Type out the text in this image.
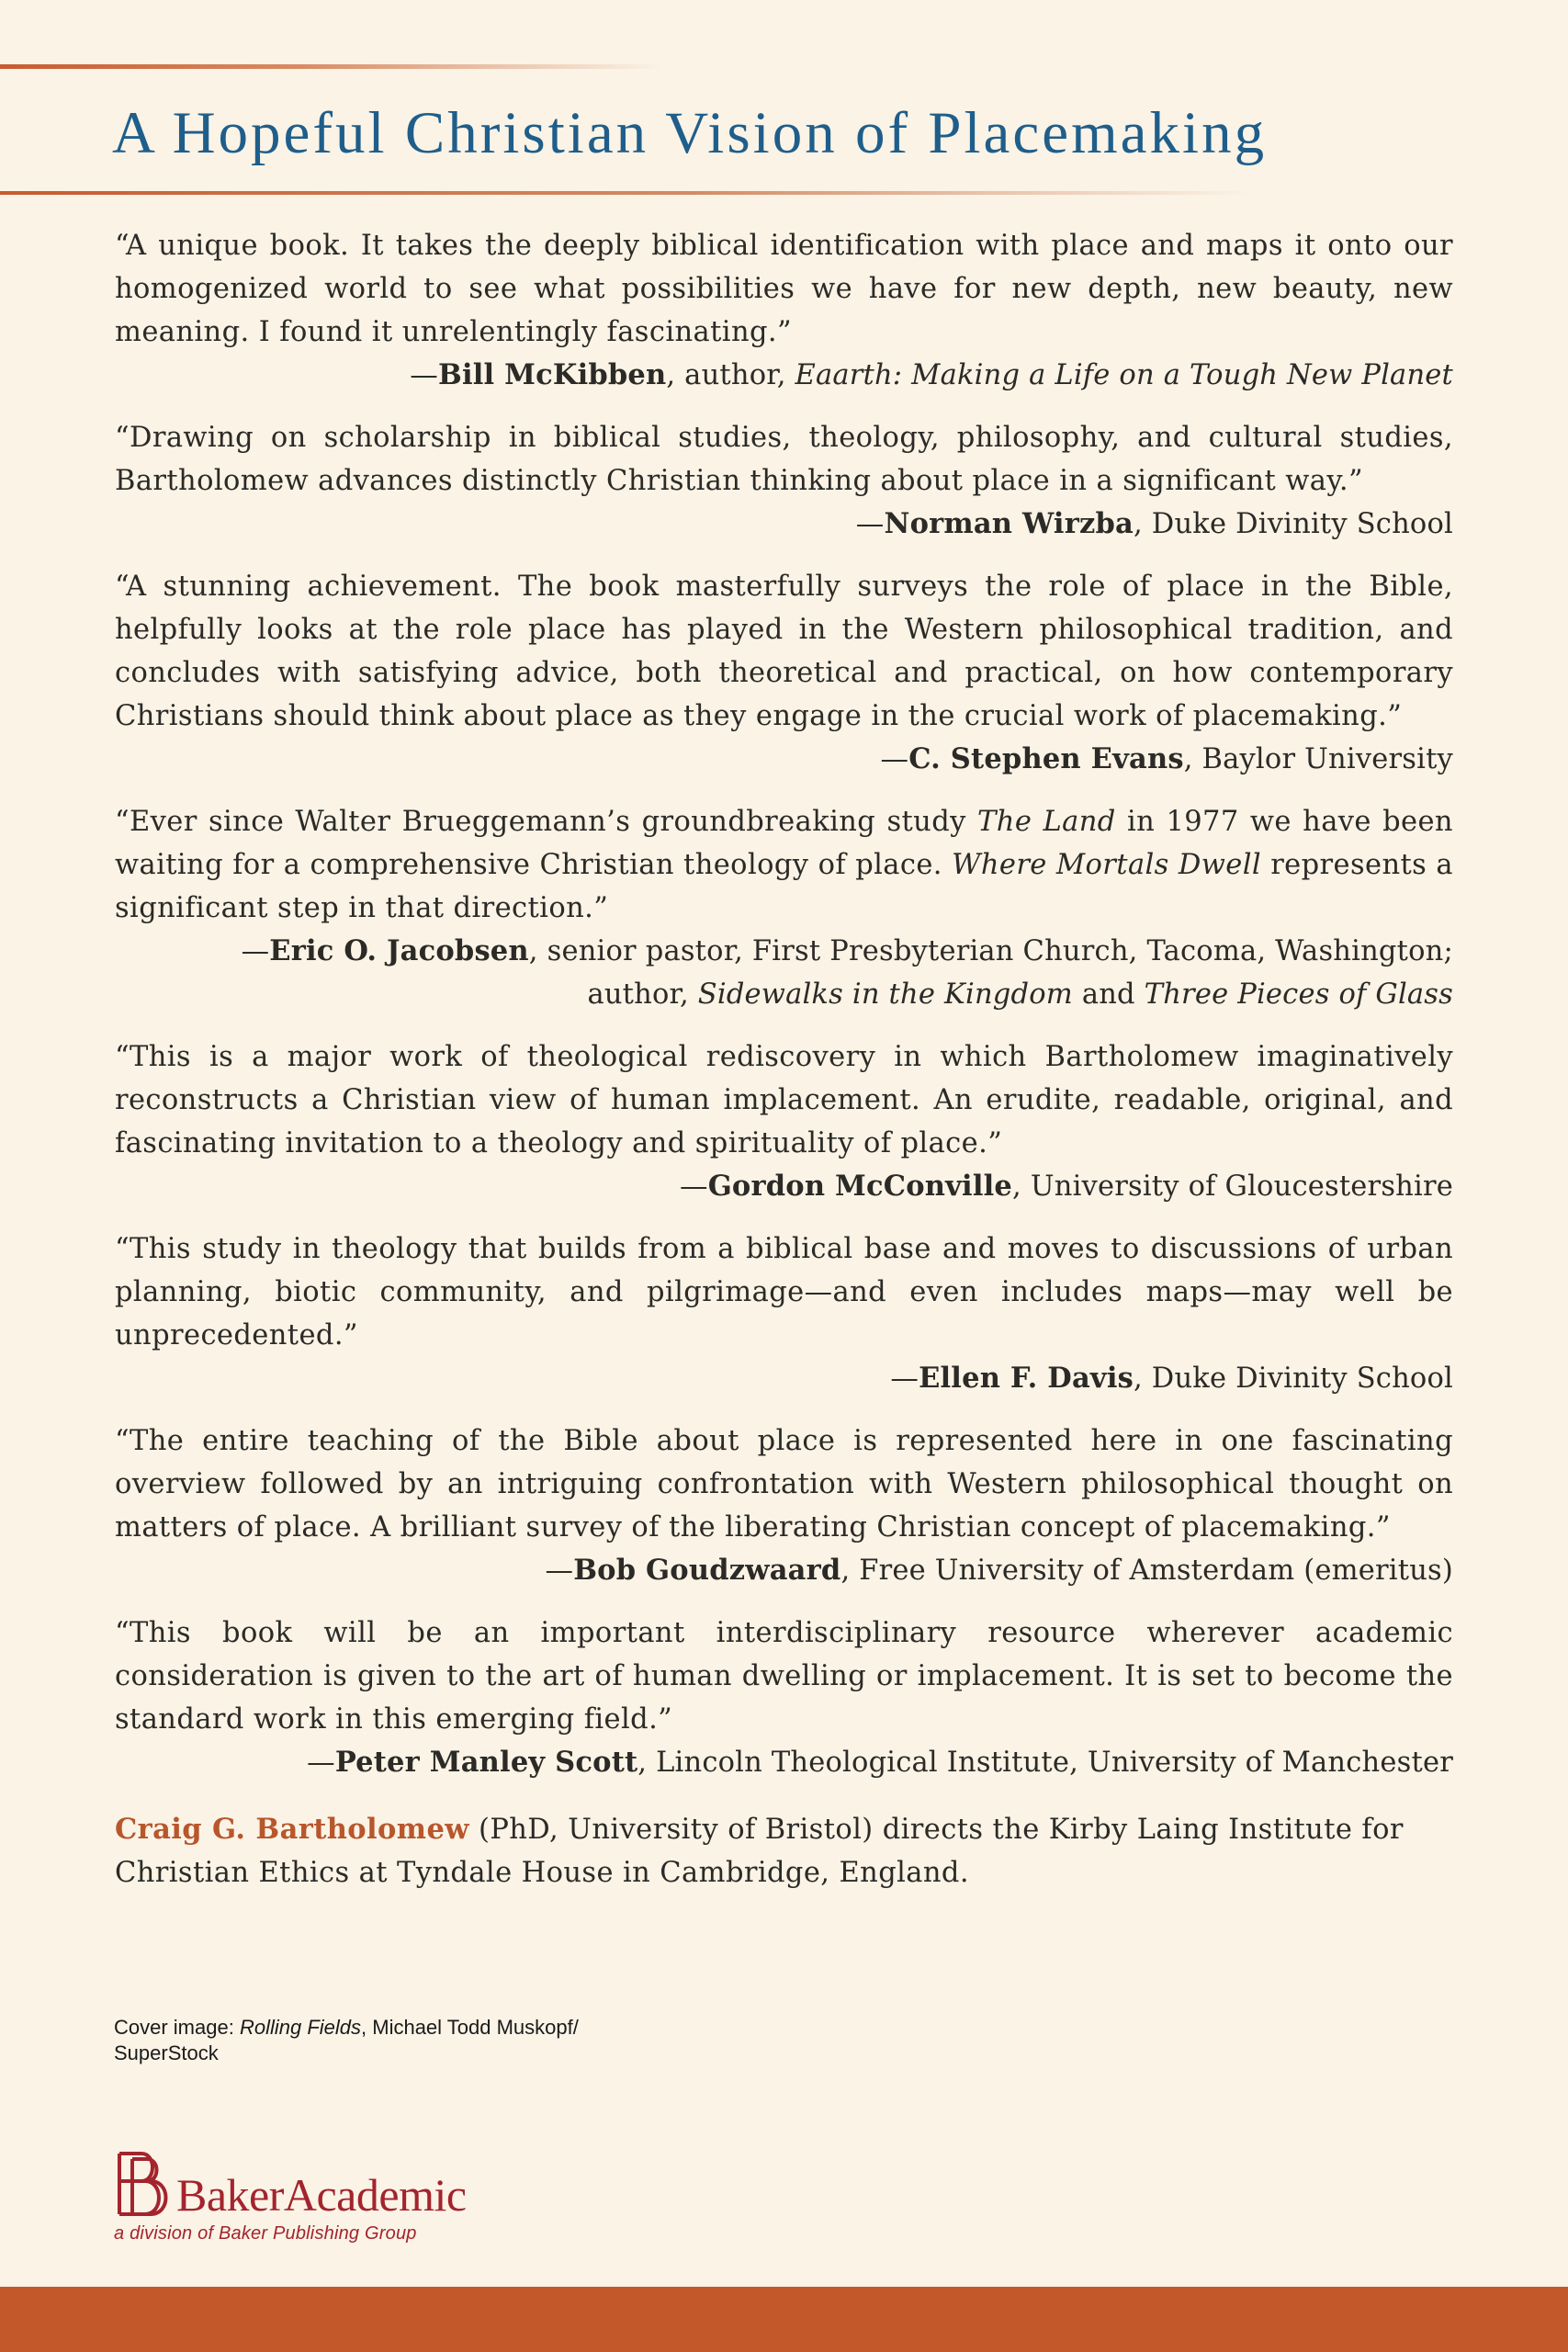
A Hopeful Christian Vision of Placemaking

“A unique book. It takes the deeply biblical identification with place and maps it onto our homogenized world to see what possibilities we have for new depth, new beauty, new meaning. I found it unrelentingly fascinating.”

—Bill McKibben, author, Eaarth: Making a Life on a Tough New Planet

“Drawing on scholarship in biblical studies, theology, philosophy, and cultural studies, Bartholomew advances distinctly Christian thinking about place in a significant way.”

—Norman Wirzba, Duke Divinity School

“A stunning achievement. The book masterfully surveys the role of place in the Bible, helpfully looks at the role place has played in the Western philosophical tradition, and concludes with satisfying advice, both theoretical and practical, on how contemporary Christians should think about place as they engage in the crucial work of placemaking.”

—C. Stephen Evans, Baylor University

“Ever since Walter Brueggemann’s groundbreaking study The Land in 1977 we have been waiting for a comprehensive Christian theology of place. Where Mortals Dwell represents a significant step in that direction.”

—Eric O. Jacobsen, senior pastor, First Presbyterian Church, Tacoma, Washington;

author, Sidewalks in the Kingdom and Three Pieces of Glass

“This is a major work of theological rediscovery in which Bartholomew imaginatively reconstructs a Christian view of human implacement. An erudite, readable, original, and fascinating invitation to a theology and spirituality of place.”

—Gordon McConville, University of Gloucestershire

“This study in theology that builds from a biblical base and moves to discussions of urban planning, biotic community, and pilgrimage—and even includes maps—may well be unprecedented.”

—Ellen F. Davis, Duke Divinity School

“The entire teaching of the Bible about place is represented here in one fascinating overview followed by an intriguing confrontation with Western philosophical thought on matters of place. A brilliant survey of the liberating Christian concept of placemaking.”

—Bob Goudzwaard, Free University of Amsterdam (emeritus)

“This book will be an important interdisciplinary resource wherever academic consideration is given to the art of human dwelling or implacement. It is set to become the standard work in this emerging field.”

—Peter Manley Scott, Lincoln Theological Institute, University of Manchester

Craig G. Bartholomew (PhD, University of Bristol) directs the Kirby Laing Institute for Christian Ethics at Tyndale House in Cambridge, England.

Cover image: Rolling Fields, Michael Todd Muskopf/
SuperStock
BakerAcademic
a division of Baker Publishing Group
